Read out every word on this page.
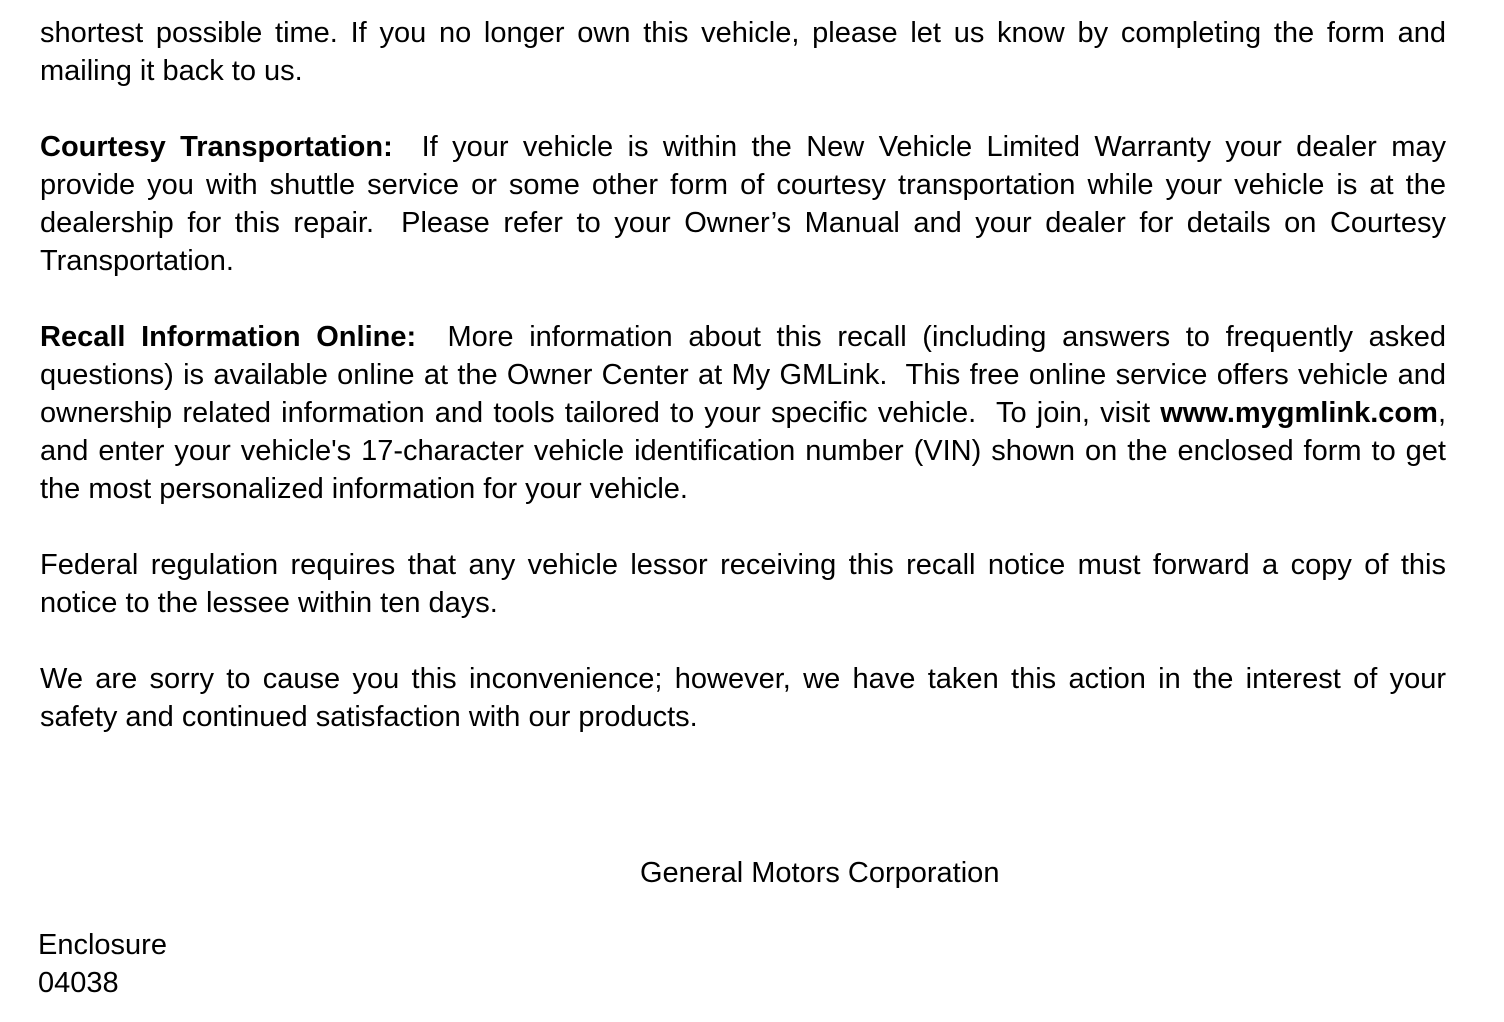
shortest possible time. If you no longer own this vehicle, please let us know by completing the form and mailing it back to us.

Courtesy Transportation:  If your vehicle is within the New Vehicle Limited Warranty your dealer may provide you with shuttle service or some other form of courtesy transportation while your vehicle is at the dealership for this repair.  Please refer to your Owner’s Manual and your dealer for details on Courtesy Transportation.

Recall Information Online:  More information about this recall (including answers to frequently asked questions) is available online at the Owner Center at My GMLink.  This free online service offers vehicle and ownership related information and tools tailored to your specific vehicle.  To join, visit www.mygmlink.com, and enter your vehicle's 17-character vehicle identification number (VIN) shown on the enclosed form to get the most personalized information for your vehicle.

Federal regulation requires that any vehicle lessor receiving this recall notice must forward a copy of this notice to the lessee within ten days.

We are sorry to cause you this inconvenience; however, we have taken this action in the interest of your safety and continued satisfaction with our products.

General Motors Corporation

Enclosure
04038
